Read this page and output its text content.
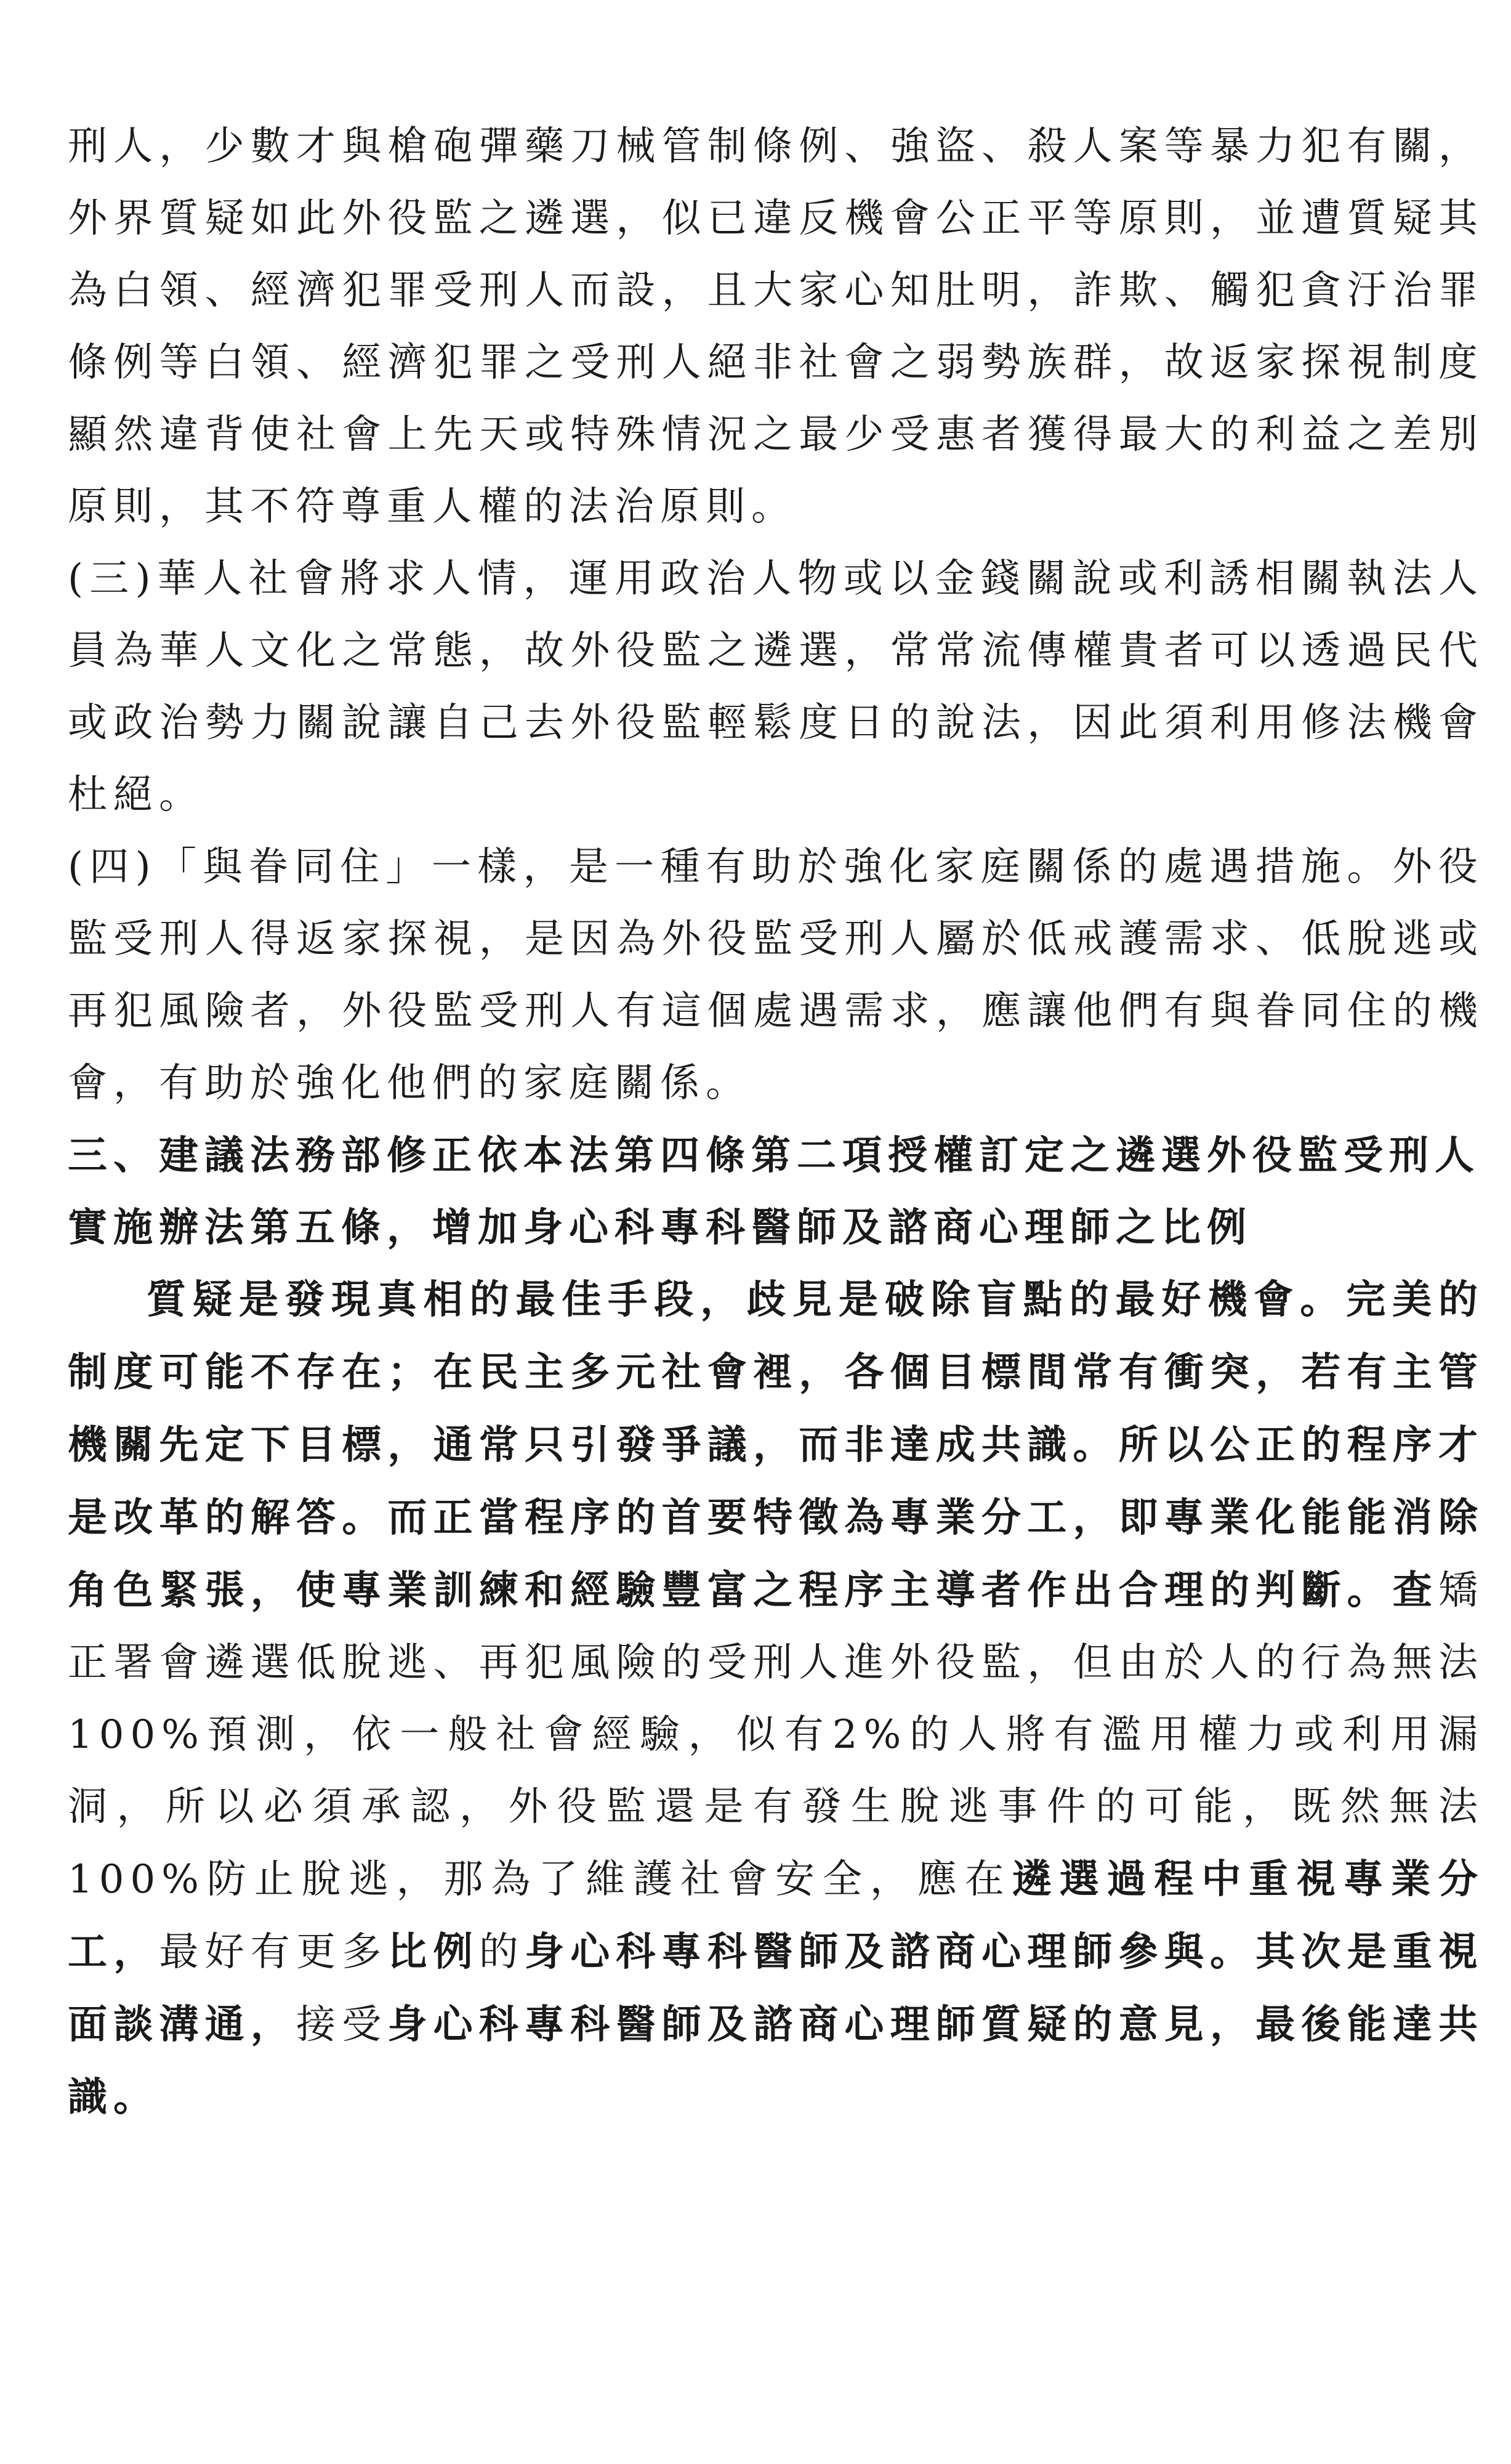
刑人，少數才與槍砲彈藥刀械管制條例、強盜、殺人案等暴力犯有關，外界質疑如此外役監之遴選，似已違反機會公正平等原則，並遭質疑其為白領、經濟犯罪受刑人而設，且大家心知肚明，詐欺、觸犯貪汙治罪條例等白領、經濟犯罪之受刑人絕非社會之弱勢族群，故返家探視制度顯然違背使社會上先天或特殊情況之最少受惠者獲得最大的利益之差別原則，其不符尊重人權的法治原則。

(三)華人社會將求人情，運用政治人物或以金錢關說或利誘相關執法人員為華人文化之常態，故外役監之遴選，常常流傳權貴者可以透過民代或政治勢力關說讓自己去外役監輕鬆度日的說法，因此須利用修法機會杜絕。

(四)「與眷同住」一樣，是一種有助於強化家庭關係的處遇措施。外役監受刑人得返家探視，是因為外役監受刑人屬於低戒護需求、低脫逃或再犯風險者，外役監受刑人有這個處遇需求，應讓他們有與眷同住的機會，有助於強化他們的家庭關係。

三、建議法務部修正依本法第四條第二項授權訂定之遴選外役監受刑人實施辦法第五條，增加身心科專科醫師及諮商心理師之比例

質疑是發現真相的最佳手段，歧見是破除盲點的最好機會。完美的制度可能不存在；在民主多元社會裡，各個目標間常有衝突，若有主管機關先定下目標，通常只引發爭議，而非達成共識。所以公正的程序才是改革的解答。而正當程序的首要特徵為專業分工，即專業化能能消除角色緊張，使專業訓練和經驗豐富之程序主導者作出合理的判斷。查矯正署會遴選低脫逃、再犯風險的受刑人進外役監，但由於人的行為無法100%預測，依一般社會經驗，似有2%的人將有濫用權力或利用漏洞，所以必須承認，外役監還是有發生脫逃事件的可能，既然無法100%防止脫逃，那為了維護社會安全，應在遴選過程中重視專業分工，最好有更多比例的身心科專科醫師及諮商心理師參與。其次是重視面談溝通，接受身心科專科醫師及諮商心理師質疑的意見，最後能達共識。
